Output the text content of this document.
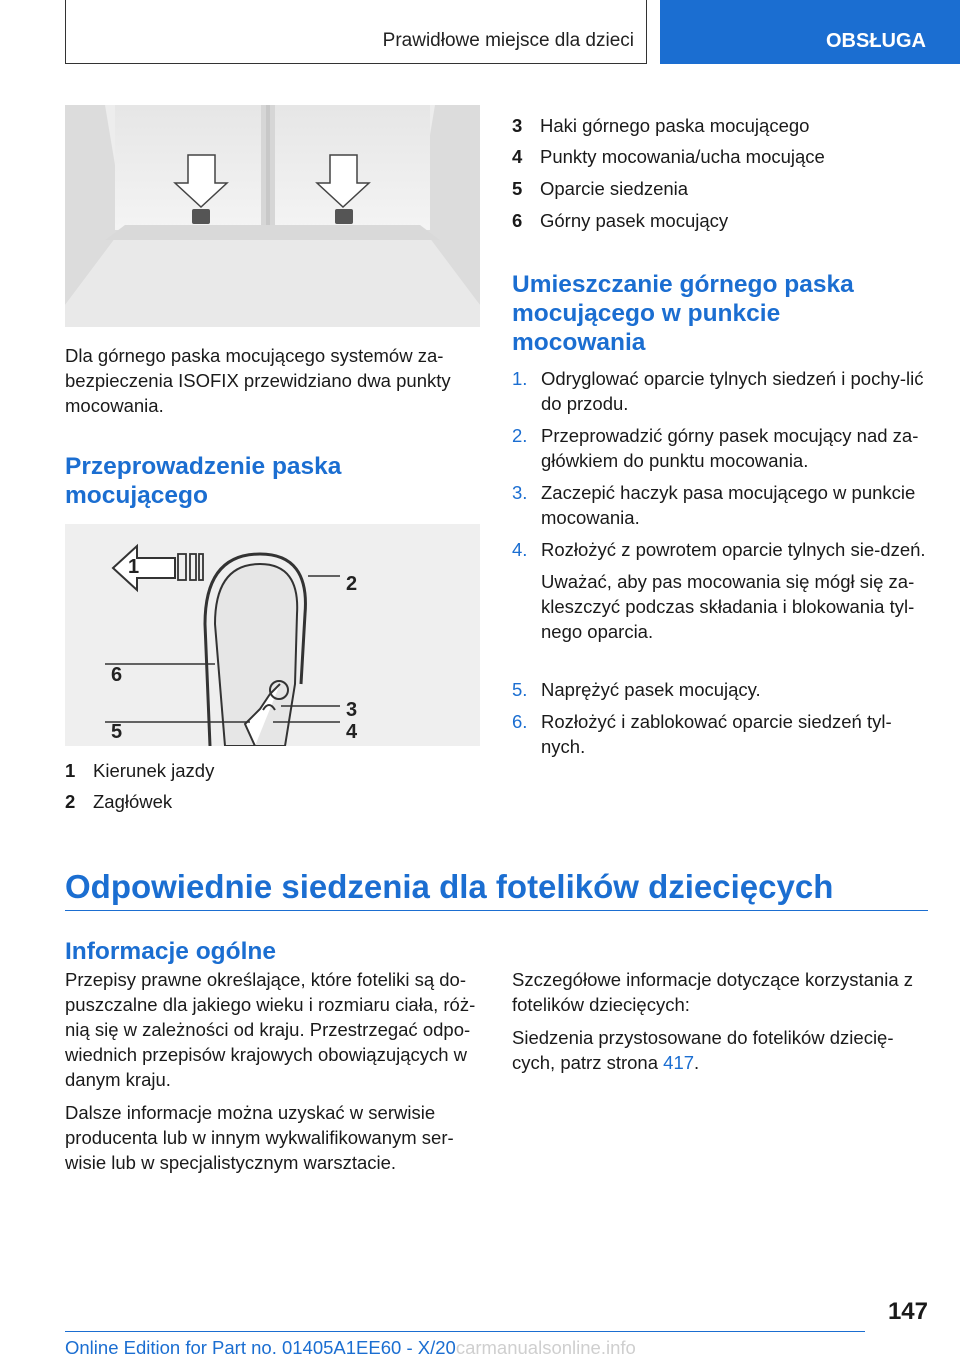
Prawidłowe miejsce dla dzieci	OBSŁUGA

Dla górnego paska mocującego systemów za-bezpieczenia ISOFIX przewidziano dwa punkty mocowania.

Przeprowadzenie paska mocującego
1
2
3
4
5
6
1 Kierunek jazdy
2 Zagłówek
3 Haki górnego paska mocującego
4 Punkty mocowania/ucha mocujące
5 Oparcie siedzenia
6 Górny pasek mocujący
Umieszczanie górnego paska mocującego w punkcie mocowania
1. Odryglować oparcie tylnych siedzeń i pochy-lić do przodu.
2. Przeprowadzić górny pasek mocujący nad za-główkiem do punktu mocowania.
3. Zaczepić haczyk pasa mocującego w punkcie mocowania.
4. Rozłożyć z powrotem oparcie tylnych sie-dzeń.
Uważać, aby pas mocowania się mógł się za-kleszczyć podczas składania i blokowania tyl-nego oparcia.
5. Naprężyć pasek mocujący.
6. Rozłożyć i zablokować oparcie siedzeń tyl-nych.
Odpowiednie siedzenia dla fotelików dziecięcych
Informacje ogólne

Przepisy prawne określające, które foteliki są do-puszczalne dla jakiego wieku i rozmiaru ciała, róż-nią się w zależności od kraju. Przestrzegać odpo-wiednich przepisów krajowych obowiązujących w danym kraju.

Dalsze informacje można uzyskać w serwisie producenta lub w innym wykwalifikowanym ser-wisie lub w specjalistycznym warsztacie.

Szczegółowe informacje dotyczące korzystania z fotelików dziecięcych:

Siedzenia przystosowane do fotelików dziecię-cych, patrz strona 417.

147
Online Edition for Part no. 01405A1EE60 - X/20carmanualsonline.info
